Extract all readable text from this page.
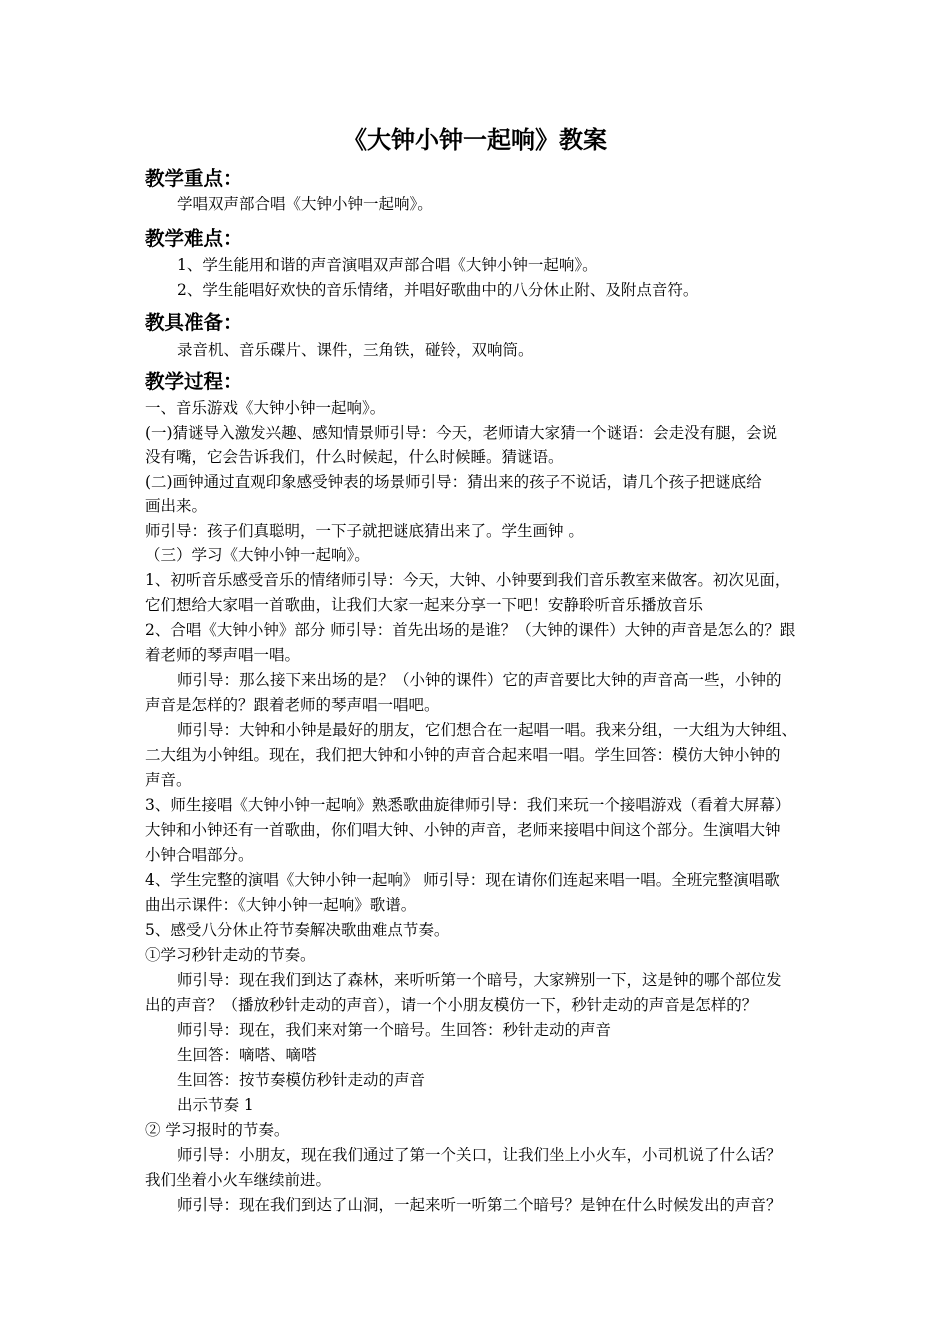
《大钟小钟一起响》教案
教学重点：
学唱双声部合唱《大钟小钟一起响》。
教学难点：
1、学生能用和谐的声音演唱双声部合唱《大钟小钟一起响》。
2、学生能唱好欢快的音乐情绪，并唱好歌曲中的八分休止附、及附点音符。
教具准备：
录音机、音乐碟片、课件，三角铁，碰铃，双响筒。
教学过程：
一、音乐游戏《大钟小钟一起响》。
(一)猜谜导入激发兴趣、感知情景师引导：今天，老师请大家猜一个谜语：会走没有腿，会说
没有嘴，它会告诉我们，什么时候起，什么时候睡。猜谜语。
(二)画钟通过直观印象感受钟表的场景师引导：猜出来的孩子不说话，请几个孩子把谜底给
画出来。
师引导：孩子们真聪明，一下子就把谜底猜出来了。学生画钟 。
（三）学习《大钟小钟一起响》。
1、初听音乐感受音乐的情绪师引导：今天，大钟、小钟要到我们音乐教室来做客。初次见面，
它们想给大家唱一首歌曲，让我们大家一起来分享一下吧！安静聆听音乐播放音乐
2、合唱《大钟小钟》部分 师引导：首先出场的是谁？（大钟的课件）大钟的声音是怎么的？跟
着老师的琴声唱一唱。
师引导：那么接下来出场的是？（小钟的课件）它的声音要比大钟的声音高一些，小钟的
声音是怎样的？跟着老师的琴声唱一唱吧。
师引导：大钟和小钟是最好的朋友，它们想合在一起唱一唱。我来分组，一大组为大钟组、
二大组为小钟组。现在，我们把大钟和小钟的声音合起来唱一唱。学生回答：模仿大钟小钟的
声音。
3、师生接唱《大钟小钟一起响》熟悉歌曲旋律师引导：我们来玩一个接唱游戏（看着大屏幕）
大钟和小钟还有一首歌曲，你们唱大钟、小钟的声音，老师来接唱中间这个部分。生演唱大钟
小钟合唱部分。
4、学生完整的演唱《大钟小钟一起响》 师引导：现在请你们连起来唱一唱。全班完整演唱歌
曲出示课件：《大钟小钟一起响》歌谱。
5、感受八分休止符节奏解决歌曲难点节奏。
①学习秒针走动的节奏。
师引导：现在我们到达了森林，来听听第一个暗号，大家辨别一下，这是钟的哪个部位发
出的声音？（播放秒针走动的声音），请一个小朋友模仿一下，秒针走动的声音是怎样的？
师引导：现在，我们来对第一个暗号。生回答：秒针走动的声音
生回答：嘀嗒、嘀嗒
生回答：按节奏模仿秒针走动的声音
出示节奏 1
② 学习报时的节奏。
师引导：小朋友，现在我们通过了第一个关口，让我们坐上小火车，小司机说了什么话？
我们坐着小火车继续前进。
师引导：现在我们到达了山洞，一起来听一听第二个暗号？是钟在什么时候发出的声音？
